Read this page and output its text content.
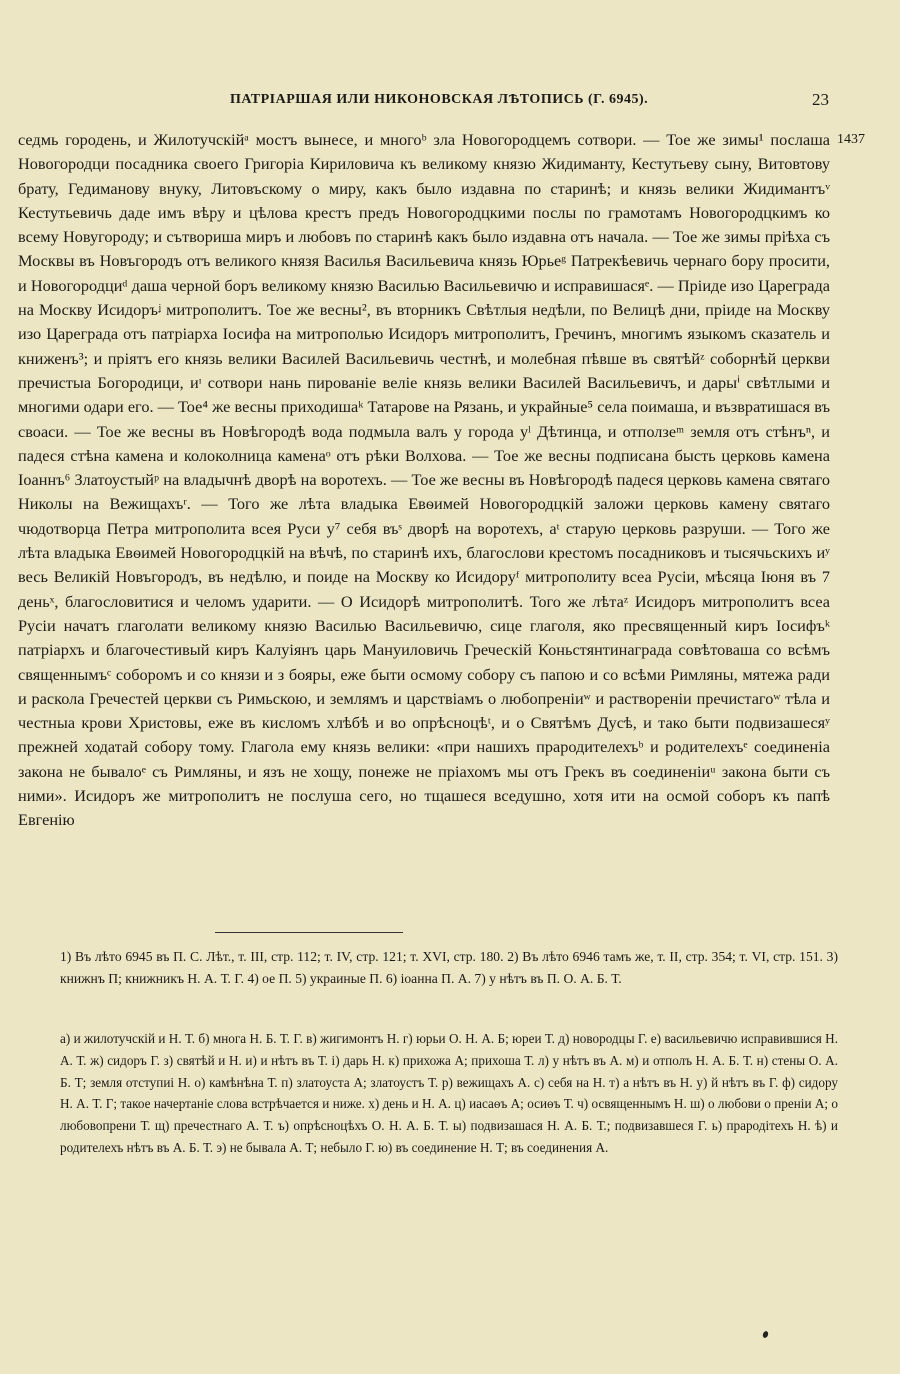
ПАТРІАРШАЯ ИЛИ НИКОНОВСКАЯ ЛѢТОПИСЬ (Г. 6945).	23
1437

седмь городень, и Жилотучскійᵃ мостъ вынесе, и многоᵇ зла Новогородцемъ сотвори. — Тое же зимы¹ послаша Новогородци посадника своего Григоріа Кириловича къ великому князю Жидиманту, Кестутьеву сыну, Витовтову брату, Гедиманову внуку, Литовъскому о миру, какъ было издавна по старинѣ; и князь велики Жидимантъᵛ Кестутьевичь даде имъ вѣру и цѣлова крестъ предъ Новогородцкими послы по грамотамъ Новогородцкимъ ко всему Новугороду; и сътвориша миръ и любовъ по старинѣ какъ было издавна отъ начала. — Тое же зимы пріѣха съ Москвы въ Новъгородъ отъ великого князя Василья Васильевича князь Юрьеᵍ Патрекѣевичь чернаго бору просити, и Новогородциᵈ даша черной боръ великому князю Василью Васильевичю и исправишасяᵉ. — Пріиде изо Цареграда на Москву Исидоръᶨ митрополитъ. Тое же весны², въ вторникъ Свѣтлыя недѣли, по Велицѣ дни, пріиде на Москву изо Цареграда отъ патріарха Іосифа на митрополью Исидоръ митрополитъ, Гречинъ, многимъ языкомъ сказатель и книженъ³; и пріятъ его князь велики Василей Васильевичь честнѣ, и молебная пѣвше въ святѣйᶻ соборнѣй церкви пречистыа Богородици, иᶦ сотвори нань пированіе веліе князь велики Василей Васильевичъ, и дарыⁱ свѣтлыми и многими одари его. — Тое⁴ же весны приходишаᵏ Татарове на Рязань, и украйные⁵ села поимаша, и възвратишася въ своаси. — Тое же весны въ Новѣгородѣ вода подмыла валъ у города уˡ Дѣтинца, и отползеᵐ земля отъ стѣнъⁿ, и падеся стѣна камена и колоколница каменаᵒ отъ рѣки Волхова. — Тое же весны подписана бысть церковь камена Іоаннъ⁶ Златоустыйᵖ на владычнѣ дворѣ на воротехъ. — Тое же весны въ Новѣгородѣ падеся церковь камена святаго Николы на Вежищахъʳ. — Того же лѣта владыка Евѳимей Новогородцкій заложи церковь камену святаго чюдотворца Петра митрополита всея Руси у⁷ себя въˢ дворѣ на воротехъ, аᵗ старую церковь разруши. — Того же лѣта владыка Евѳимей Новогородцкій на вѣчѣ, по старинѣ ихъ, благослови крестомъ посадниковъ и тысячьскихъ иʸ весь Великій Новъгородъ, въ недѣлю, и поиде на Москву ко Исидоруᶠ митрополиту всеа Русіи, мѣсяца Іюня въ 7 деньˣ, благословитися и челомъ ударити. — О Исидорѣ митрополитѣ. Того же лѣтаᶻ Исидоръ митрополитъ всеа Русіи начатъ глаголати великому князю Василью Васильевичю, сице глаголя, яко пресвященный киръ Іосифъᵏ патріархъ и благочестивый киръ Калуіянъ царь Мануиловичь Греческій Коньстянтинаграда совѣтоваша со всѣмъ священнымъᶜ соборомъ и со князи и з бояры, еже быти осмому собору съ папою и со всѣми Римляны, мятежа ради и раскола Гречестей церкви съ Римьскою, и землямъ и царствіамъ о любопреніиʷ и раствореніи пречистагоʷ тѣла и честныа крови Христовы, еже въ кисломъ хлѣбѣ и во опрѣсноцѣᵗ, и о Святѣмъ Дусѣ, и тако быти подвизашесяʸ прежней ходатай собору тому. Глагола ему князь велики: «при нашихъ прародителехъᵇ и родителехъᵉ соединеніа закона не бывалоᵉ съ Римляны, и язъ не хощу, понеже не пріахомъ мы отъ Грекъ въ соединеніиᵘ закона быти съ ними». Исидоръ же митрополитъ не послуша сего, но тщашеся вседушно, хотя ити на осмой соборъ къ папѣ Евгенію

1) Въ лѣто 6945 въ П. С. Лѣт., т. III, стр. 112; т. IV, стр. 121; т. XVI, стр. 180. 2) Въ лѣто 6946 тамъ же, т. II, стр. 354; т. VI, стр. 151. 3) книжнъ П; книжникъ Н. А. Т. Г. 4) ое П. 5) украиные П. 6) іоанна П. А. 7) у нѣтъ въ П. О. А. Б. Т.

а) и жилотучскій и Н. Т. б) многа Н. Б. Т. Г. в) жигимонтъ Н. г) юрьи О. Н. А. Б; юреи Т. д) новородцы Г. е) васильевичю исправившися Н. А. Т. ж) сидоръ Г. з) святѣй и Н. и) и нѣтъ въ Т. і) дарь Н. к) прихожа А; прихоша Т. л) у нѣтъ въ А. м) и отполъ Н. А. Б. Т. н) стены О. А. Б. Т; земля отступиі Н. о) камѣнѣна Т. п) златоуста А; златоустъ Т. р) вежищахъ А. с) себя на Н. т) а нѣтъ въ Н. у) й нѣтъ въ Г. ф) сидору Н. А. Т. Г; такое начертаніе слова встрѣчается и ниже. х) день и Н. А. ц) иасаѳъ А; осиѳъ Т. ч) освященнымъ Н. ш) о любови о преніи А; о любовопрени Т. щ) пречестнаго А. Т. ъ) опрѣсноцѣхъ О. Н. А. Б. Т. ы) подвизашася Н. А. Б. Т.; подвизавшеся Г. ь) прародітехъ Н. ѣ) и родителехъ нѣтъ въ А. Б. Т. э) не бывала А. Т; небыло Г. ю) въ соединение Н. Т; въ соединения А.
